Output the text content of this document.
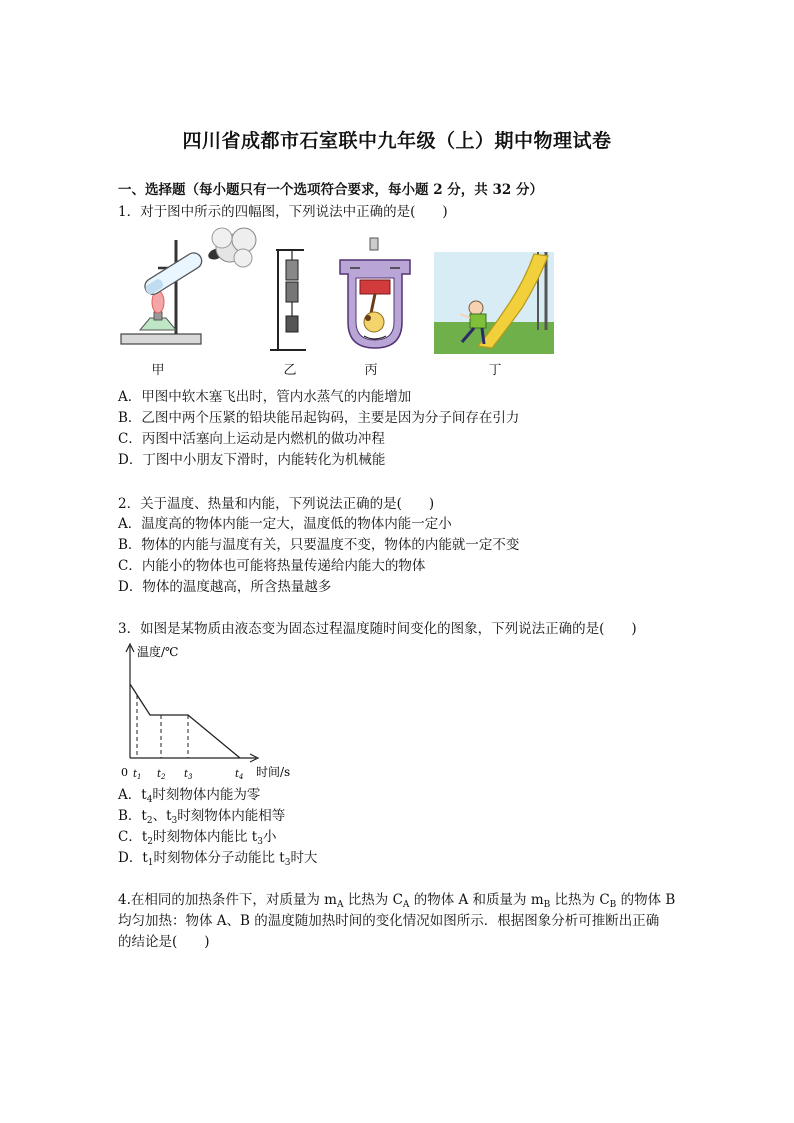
四川省成都市石室联中九年级（上）期中物理试卷
一、选择题（每小题只有一个选项符合要求，每小题 2 分，共 32 分）
1．对于图中所示的四幅图，下列说法中正确的是(　　)
甲	乙	丙	丁
A．甲图中软木塞飞出时，管内水蒸气的内能增加
B．乙图中两个压紧的铅块能吊起钩码，主要是因为分子间存在引力
C．丙图中活塞向上运动是内燃机的做功冲程
D．丁图中小朋友下滑时，内能转化为机械能
2．关于温度、热量和内能，下列说法正确的是(　　)
A．温度高的物体内能一定大，温度低的物体内能一定小
B．物体的内能与温度有关，只要温度不变，物体的内能就一定不变
C．内能小的物体也可能将热量传递给内能大的物体
D．物体的温度越高，所含热量越多
3．如图是某物质由液态变为固态过程温度随时间变化的图象，下列说法正确的是(　　)
温度/℃
0 $t_1$ $t_2$ $t_3$	$t_4$ 时间/s
A．$t_4$时刻物体内能为零
B．$t_2$、$t_3$时刻物体内能相等
C．$t_2$时刻物体内能比 $t_3$小
D．$t_1$时刻物体分子动能比 $t_3$时大
4.在相同的加热条件下，对质量为 $m_A$ 比热为 $C_A$ 的物体 A 和质量为 $m_B$ 比热为 $C_B$ 的物体 B
均匀加热：物体 A、B 的温度随加热时间的变化情况如图所示．根据图象分析可推断出正确
的结论是(　　)
